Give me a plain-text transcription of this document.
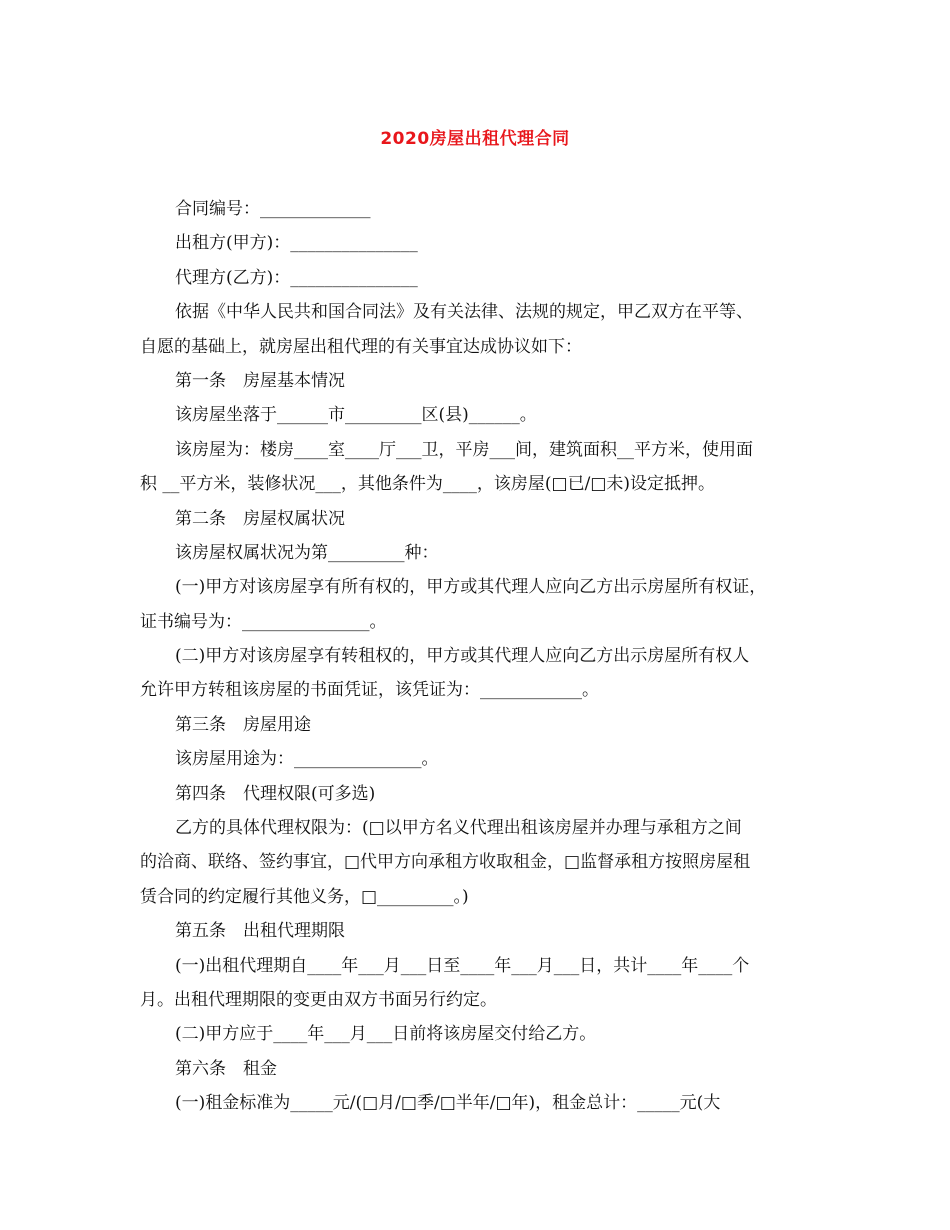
2020房屋出租代理合同
合同编号：_____________
出租方(甲方)：_______________
代理方(乙方)：_______________
依据《中华人民共和国合同法》及有关法律、法规的规定，甲乙双方在平等、
自愿的基础上，就房屋出租代理的有关事宜达成协议如下：
第一条　房屋基本情况
该房屋坐落于______市_________区(县)______。
该房屋为：楼房____室____厅___卫，平房___间，建筑面积__平方米，使用面
积 __平方米，装修状况___，其他条件为____，该房屋(□已/□未)设定抵押。
第二条　房屋权属状况
该房屋权属状况为第_________种：
(一)甲方对该房屋享有所有权的，甲方或其代理人应向乙方出示房屋所有权证，
证书编号为：_______________。
(二)甲方对该房屋享有转租权的，甲方或其代理人应向乙方出示房屋所有权人
允许甲方转租该房屋的书面凭证，该凭证为：____________。
第三条　房屋用途
该房屋用途为：_______________。
第四条　代理权限(可多选)
乙方的具体代理权限为：(□以甲方名义代理出租该房屋并办理与承租方之间
的洽商、联络、签约事宜，□代甲方向承租方收取租金，□监督承租方按照房屋租
赁合同的约定履行其他义务，□_________。)
第五条　出租代理期限
(一)出租代理期自____年___月___日至____年___月___日，共计____年____个
月。出租代理期限的变更由双方书面另行约定。
(二)甲方应于____年___月___日前将该房屋交付给乙方。
第六条　租金
(一)租金标准为_____元/(□月/□季/□半年/□年)，租金总计：_____元(大
